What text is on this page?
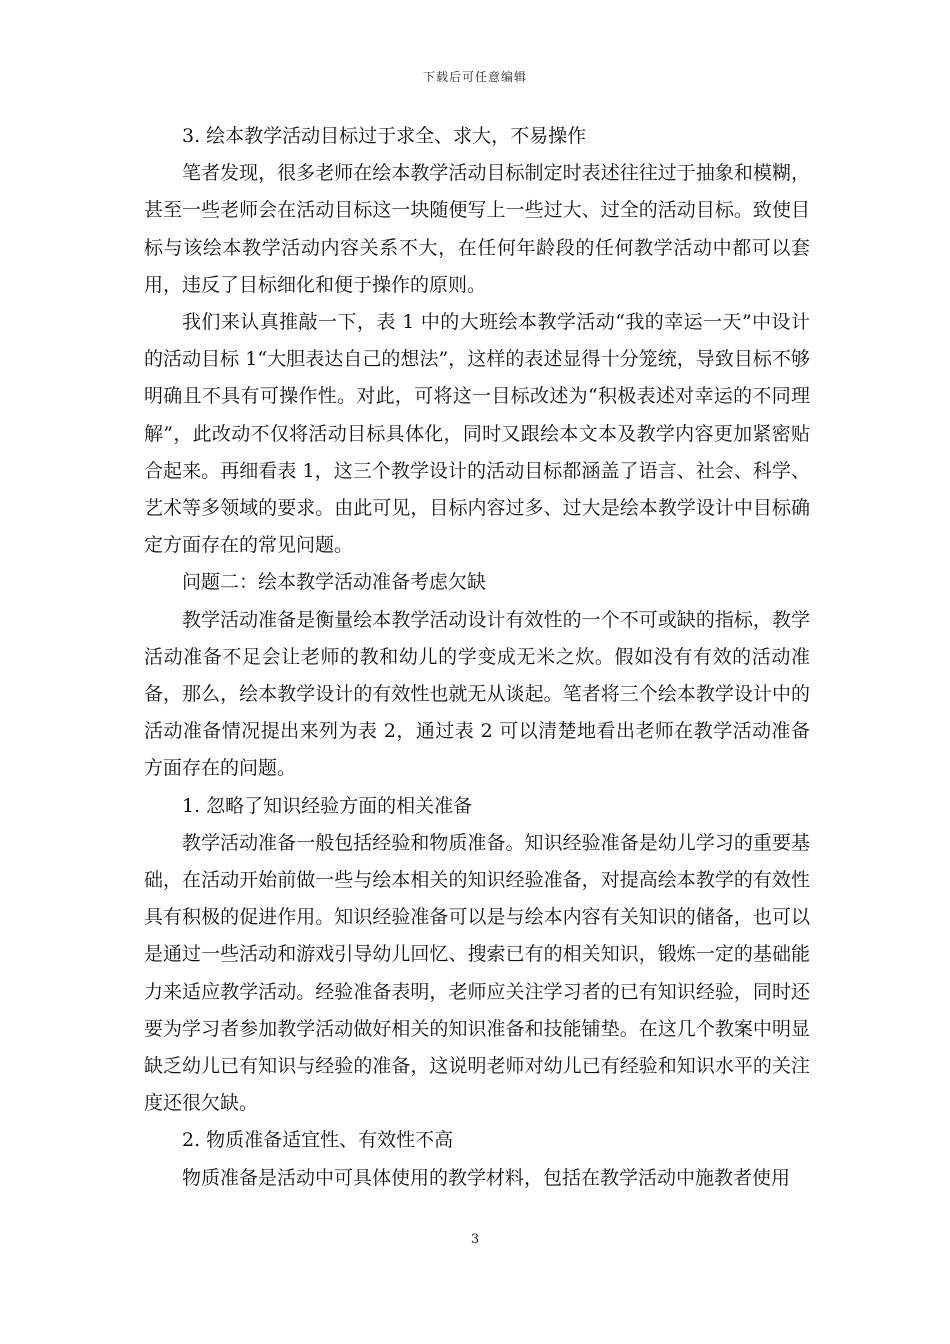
下载后可任意编辑

3. 绘本教学活动目标过于求全、求大，不易操作

笔者发现，很多老师在绘本教学活动目标制定时表述往往过于抽象和模糊，甚至一些老师会在活动目标这一块随便写上一些过大、过全的活动目标。致使目标与该绘本教学活动内容关系不大，在任何年龄段的任何教学活动中都可以套用，违反了目标细化和便于操作的原则。

我们来认真推敲一下，表 1 中的大班绘本教学活动“我的幸运一天”中设计的活动目标 1“大胆表达自己的想法”，这样的表述显得十分笼统，导致目标不够明确且不具有可操作性。对此，可将这一目标改述为“积极表述对幸运的不同理解”，此改动不仅将活动目标具体化，同时又跟绘本文本及教学内容更加紧密贴合起来。再细看表 1，这三个教学设计的活动目标都涵盖了语言、社会、科学、艺术等多领域的要求。由此可见，目标内容过多、过大是绘本教学设计中目标确定方面存在的常见问题。

问题二：绘本教学活动准备考虑欠缺

教学活动准备是衡量绘本教学活动设计有效性的一个不可或缺的指标，教学活动准备不足会让老师的教和幼儿的学变成无米之炊。假如没有有效的活动准备，那么，绘本教学设计的有效性也就无从谈起。笔者将三个绘本教学设计中的活动准备情况提出来列为表 2，通过表 2 可以清楚地看出老师在教学活动准备方面存在的问题。

1. 忽略了知识经验方面的相关准备

教学活动准备一般包括经验和物质准备。知识经验准备是幼儿学习的重要基础，在活动开始前做一些与绘本相关的知识经验准备，对提高绘本教学的有效性具有积极的促进作用。知识经验准备可以是与绘本内容有关知识的储备，也可以是通过一些活动和游戏引导幼儿回忆、搜索已有的相关知识，锻炼一定的基础能力来适应教学活动。经验准备表明，老师应关注学习者的已有知识经验，同时还要为学习者参加教学活动做好相关的知识准备和技能铺垫。在这几个教案中明显缺乏幼儿已有知识与经验的准备，这说明老师对幼儿已有经验和知识水平的关注度还很欠缺。

2. 物质准备适宜性、有效性不高

物质准备是活动中可具体使用的教学材料，包括在教学活动中施教者使用

3
